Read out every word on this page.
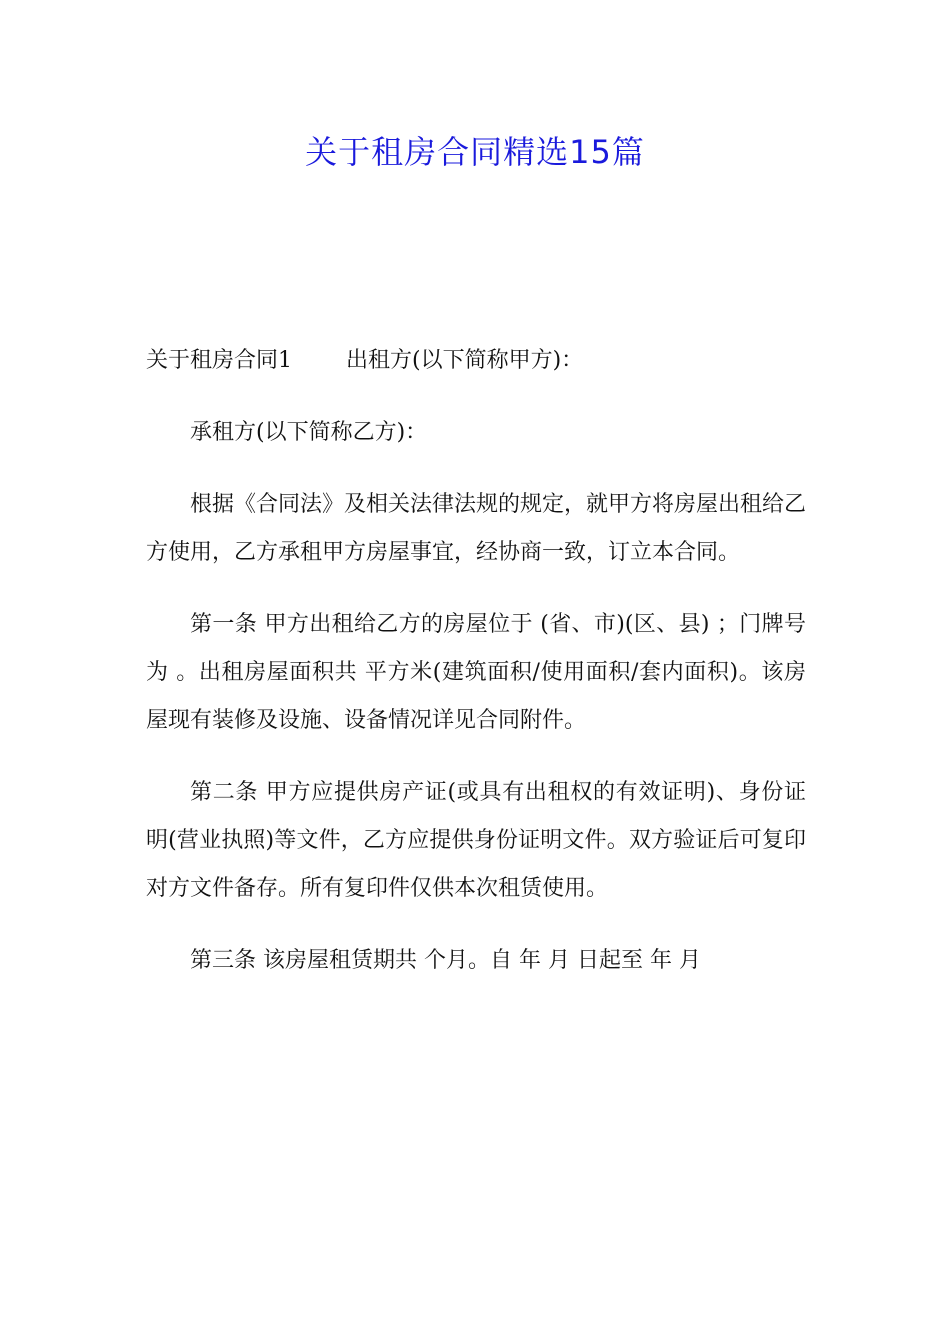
关于租房合同精选15篇

关于租房合同1 出租方(以下简称甲方)：

承租方(以下简称乙方)：

根据《合同法》及相关法律法规的规定，就甲方将房屋出租给乙方使用，乙方承租甲方房屋事宜，经协商一致，订立本合同。

第一条 甲方出租给乙方的房屋位于 (省、市)(区、县) ；门牌号为 。出租房屋面积共 平方米(建筑面积/使用面积/套内面积)。该房屋现有装修及设施、设备情况详见合同附件。

第二条 甲方应提供房产证(或具有出租权的有效证明)、身份证明(营业执照)等文件，乙方应提供身份证明文件。双方验证后可复印对方文件备存。所有复印件仅供本次租赁使用。

第三条 该房屋租赁期共 个月。自 年 月 日起至 年 月
